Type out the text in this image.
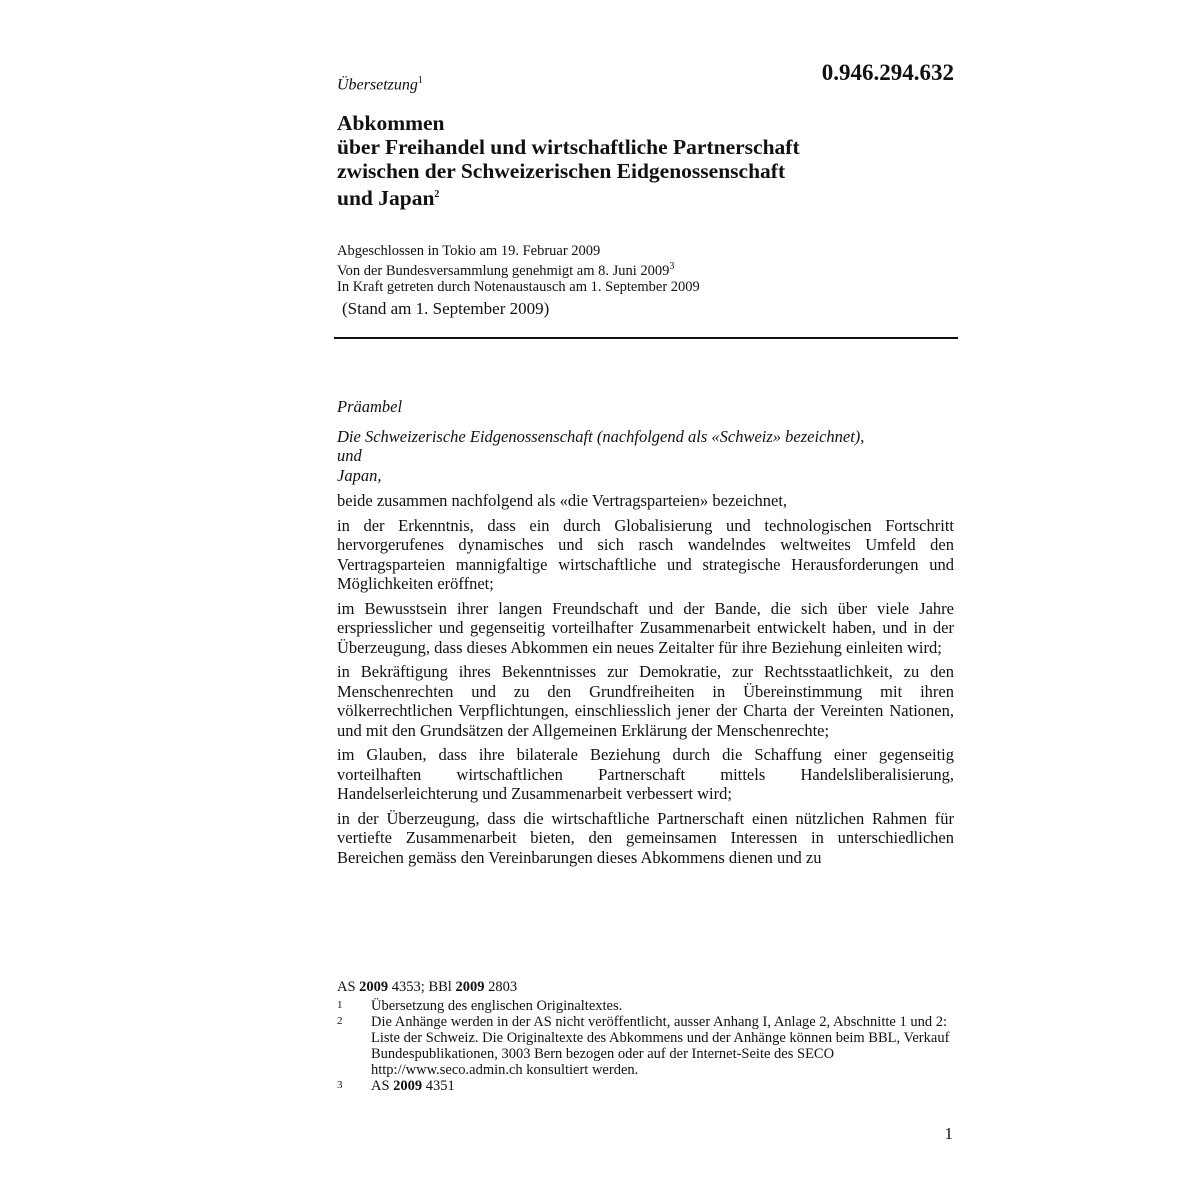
Übersetzung$^1$	0.946.294.632
Abkommen
über Freihandel und wirtschaftliche Partnerschaft
zwischen der Schweizerischen Eidgenossenschaft
und Japan$^2$
Abgeschlossen in Tokio am 19. Februar 2009
Von der Bundesversammlung genehmigt am 8. Juni 2009$^3$
In Kraft getreten durch Notenaustausch am 1. September 2009
(Stand am 1. September 2009)

Präambel

Die Schweizerische Eidgenossenschaft (nachfolgend als «Schweiz» bezeichnet),

und

Japan,

beide zusammen nachfolgend als «die Vertragsparteien» bezeichnet,

in der Erkenntnis, dass ein durch Globalisierung und technologischen Fortschritt hervorgerufenes dynamisches und sich rasch wandelndes weltweites Umfeld den Vertragsparteien mannigfaltige wirtschaftliche und strategische Herausforderungen und Möglichkeiten eröffnet;

im Bewusstsein ihrer langen Freundschaft und der Bande, die sich über viele Jahre erspriesslicher und gegenseitig vorteilhafter Zusammenarbeit entwickelt haben, und in der Überzeugung, dass dieses Abkommen ein neues Zeitalter für ihre Beziehung einleiten wird;

in Bekräftigung ihres Bekenntnisses zur Demokratie, zur Rechtsstaatlichkeit, zu den Menschenrechten und zu den Grundfreiheiten in Übereinstimmung mit ihren völkerrechtlichen Verpflichtungen, einschliesslich jener der Charta der Vereinten Nationen, und mit den Grundsätzen der Allgemeinen Erklärung der Menschenrechte;

im Glauben, dass ihre bilaterale Beziehung durch die Schaffung einer gegenseitig vorteilhaften wirtschaftlichen Partnerschaft mittels Handelsliberalisierung, Handelserleichterung und Zusammenarbeit verbessert wird;

in der Überzeugung, dass die wirtschaftliche Partnerschaft einen nützlichen Rahmen für vertiefte Zusammenarbeit bieten, den gemeinsamen Interessen in unterschiedlichen Bereichen gemäss den Vereinbarungen dieses Abkommens dienen und zu

AS 2009 4353; BBl 2009 2803
1	Übersetzung des englischen Originaltextes.
2	Die Anhänge werden in der AS nicht veröffentlicht, ausser Anhang I, Anlage 2, Abschnitte 1 und 2: Liste der Schweiz. Die Originaltexte des Abkommens und der Anhänge können beim BBL, Verkauf Bundespublikationen, 3003 Bern bezogen oder auf der Internet-Seite des SECO http://www.seco.admin.ch konsultiert werden.
3	AS 2009 4351
1
